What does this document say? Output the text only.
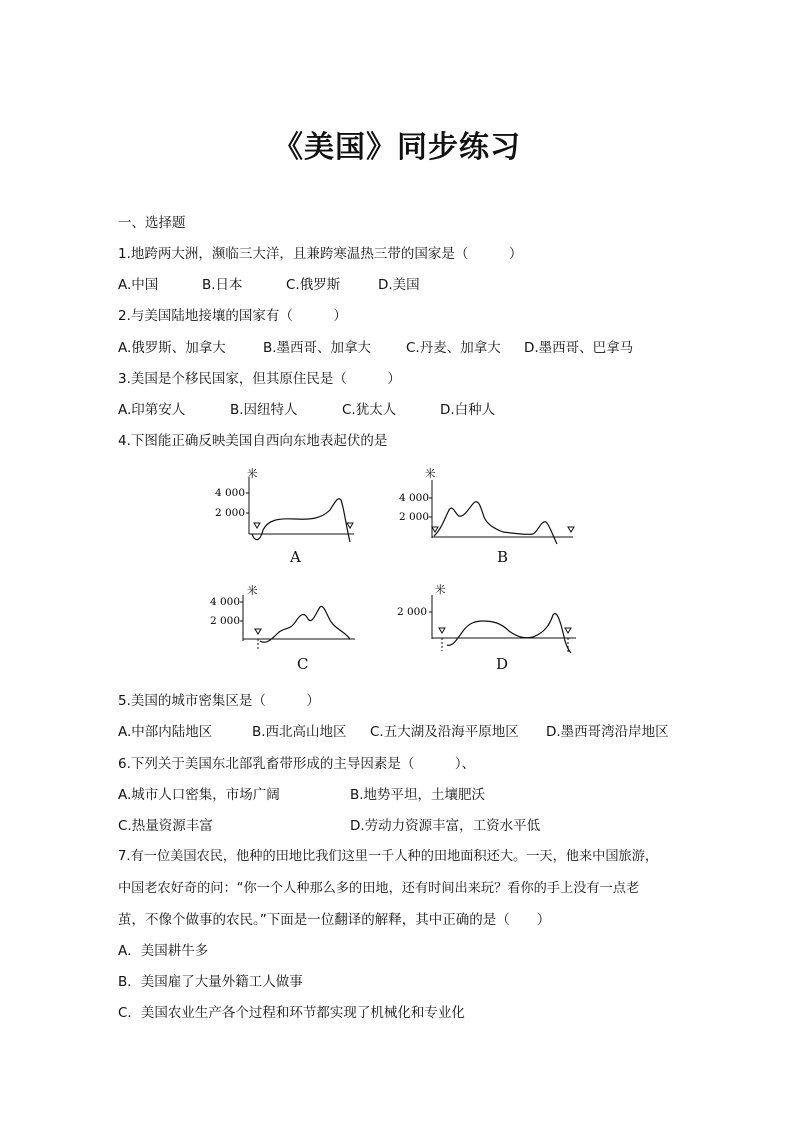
《美国》同步练习
一、选择题
1.地跨两大洲，濒临三大洋，且兼跨寒温热三带的国家是（　　　）
A.中国	B.日本	C.俄罗斯	D.美国
2.与美国陆地接壤的国家有（　　　）
A.俄罗斯、加拿大	B.墨西哥、加拿大	C.丹麦、加拿大 D.墨西哥、巴拿马
3.美国是个移民国家，但其原住民是（　　　）
A.印第安人	B.因纽特人	C.犹太人	D.白种人
4.下图能正确反映美国自西向东地表起伏的是
米
4 000
2 000
A
米
4 000
2 000
B
米
4 000
2 000
C
米
2 000
D
5.美国的城市密集区是（　　　）
A.中部内陆地区	B.西北高山地区 C.五大湖及沿海平原地区 D.墨西哥湾沿岸地区
6.下列关于美国东北部乳畜带形成的主导因素是（　　　）、
A.城市人口密集，市场广阔	B.地势平坦，土壤肥沃
C.热量资源丰富	D.劳动力资源丰富，工资水平低
7.有一位美国农民，他种的田地比我们这里一千人种的田地面积还大。一天，他来中国旅游，
中国老农好奇的问：“你一个人种那么多的田地，还有时间出来玩？看你的手上没有一点老
茧，不像个做事的农民。”下面是一位翻译的解释，其中正确的是（　　）
A．美国耕牛多
B．美国雇了大量外籍工人做事
C．美国农业生产各个过程和环节都实现了机械化和专业化
